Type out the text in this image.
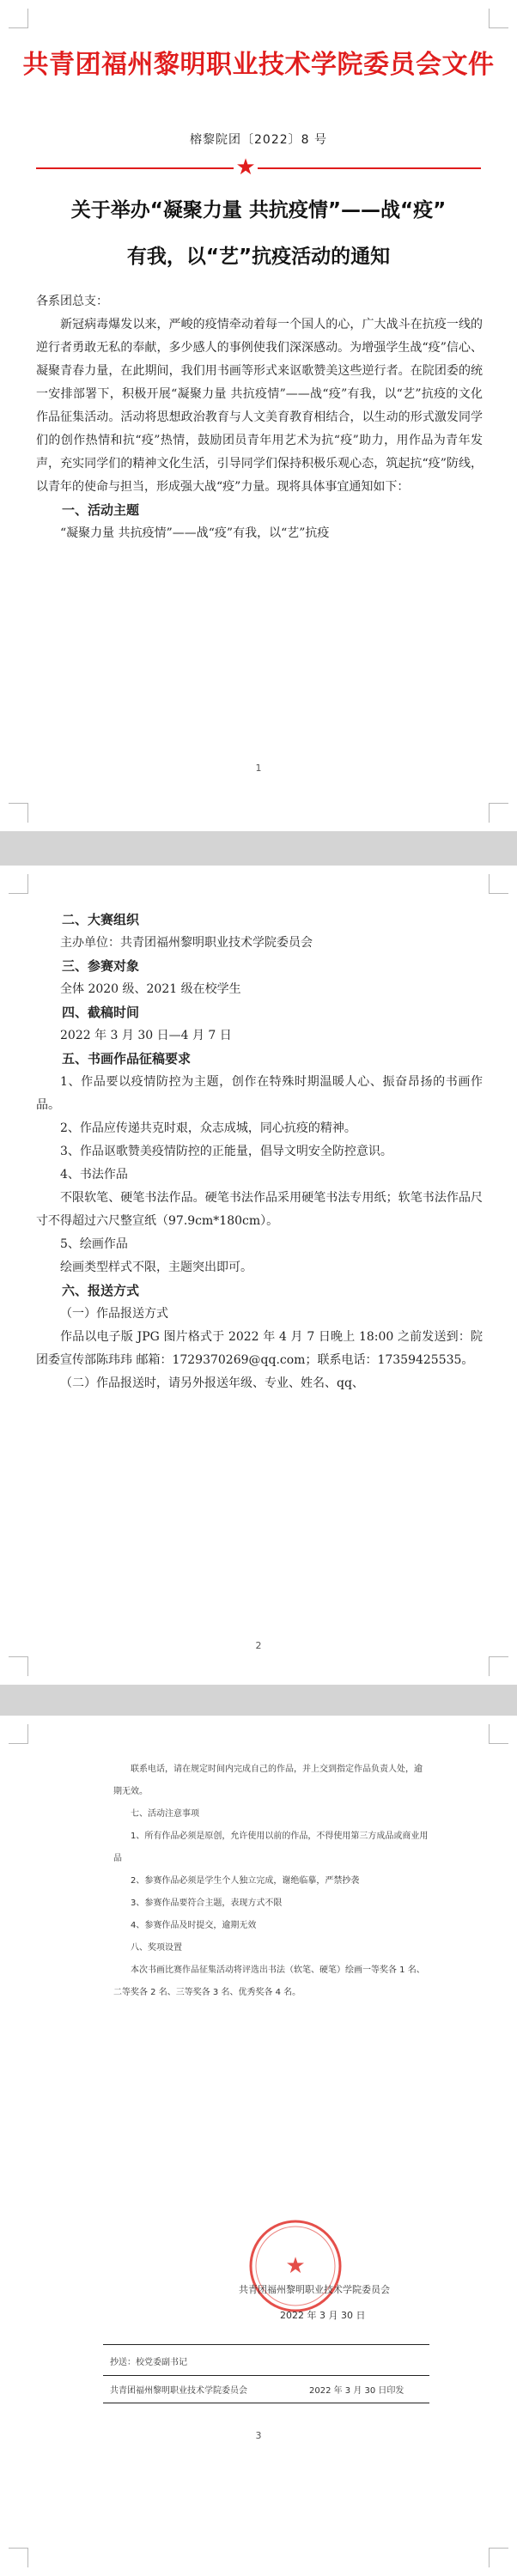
共青团福州黎明职业技术学院委员会文件
榕黎院团〔2022〕8 号
★
关于举办“凝聚力量 共抗疫情”——战“疫”
有我，以“艺”抗疫活动的通知

各系团总支：

新冠病毒爆发以来，严峻的疫情牵动着每一个国人的心，广大战斗在抗疫一线的逆行者勇敢无私的奉献，多少感人的事例使我们深深感动。为增强学生战“疫”信心、凝聚青春力量，在此期间，我们用书画等形式来讴歌赞美这些逆行者。在院团委的统一安排部署下，积极开展“凝聚力量 共抗疫情”——战“疫”有我，以“艺”抗疫的文化作品征集活动。活动将思想政治教育与人文美育教育相结合，以生动的形式激发同学们的创作热情和抗“疫”热情，鼓励团员青年用艺术为抗“疫”助力，用作品为青年发声，充实同学们的精神文化生活，引导同学们保持积极乐观心态，筑起抗“疫”防线，以青年的使命与担当，形成强大战“疫”力量。现将具体事宜通知如下：

一、活动主题

“凝聚力量 共抗疫情”——战“疫”有我，以“艺”抗疫

1

二、大赛组织

主办单位：共青团福州黎明职业技术学院委员会

三、参赛对象

全体 2020 级、2021 级在校学生

四、截稿时间

2022 年 3 月 30 日—4 月 7 日

五、书画作品征稿要求

1、作品要以疫情防控为主题，创作在特殊时期温暖人心、振奋昂扬的书画作品。

2、作品应传递共克时艰，众志成城，同心抗疫的精神。

3、作品讴歌赞美疫情防控的正能量，倡导文明安全防控意识。

4、书法作品

不限软笔、硬笔书法作品。硬笔书法作品采用硬笔书法专用纸；软笔书法作品尺寸不得超过六尺整宣纸（97.9cm*180cm）。

5、绘画作品

绘画类型样式不限，主题突出即可。

六、报送方式

（一）作品报送方式

作品以电子版 JPG 图片格式于 2022 年 4 月 7 日晚上 18:00 之前发送到：院团委宣传部陈玮玮 邮箱：1729370269@qq.com；联系电话：17359425535。

（二）作品报送时，请另外报送年级、专业、姓名、qq、

2

联系电话，请在规定时间内完成自己的作品，并上交到指定作品负责人处，逾期无效。

七、活动注意事项

1、所有作品必须是原创，允许使用以前的作品，不得使用第三方成品或商业用品

2、参赛作品必须是学生个人独立完成，谢绝临摹，严禁抄袭

3、参赛作品要符合主题，表现方式不限

4、参赛作品及时提交，逾期无效

八、奖项设置

本次书画比赛作品征集活动将评选出书法（软笔、硬笔）绘画一等奖各 1 名、二等奖各 2 名、三等奖各 3 名、优秀奖各 4 名。

★
共青团福州黎明职业技术学院委员会
2022 年 3 月 30 日
抄送：校党委副书记
共青团福州黎明职业技术学院委员会	2022 年 3 月 30 日印发
3
